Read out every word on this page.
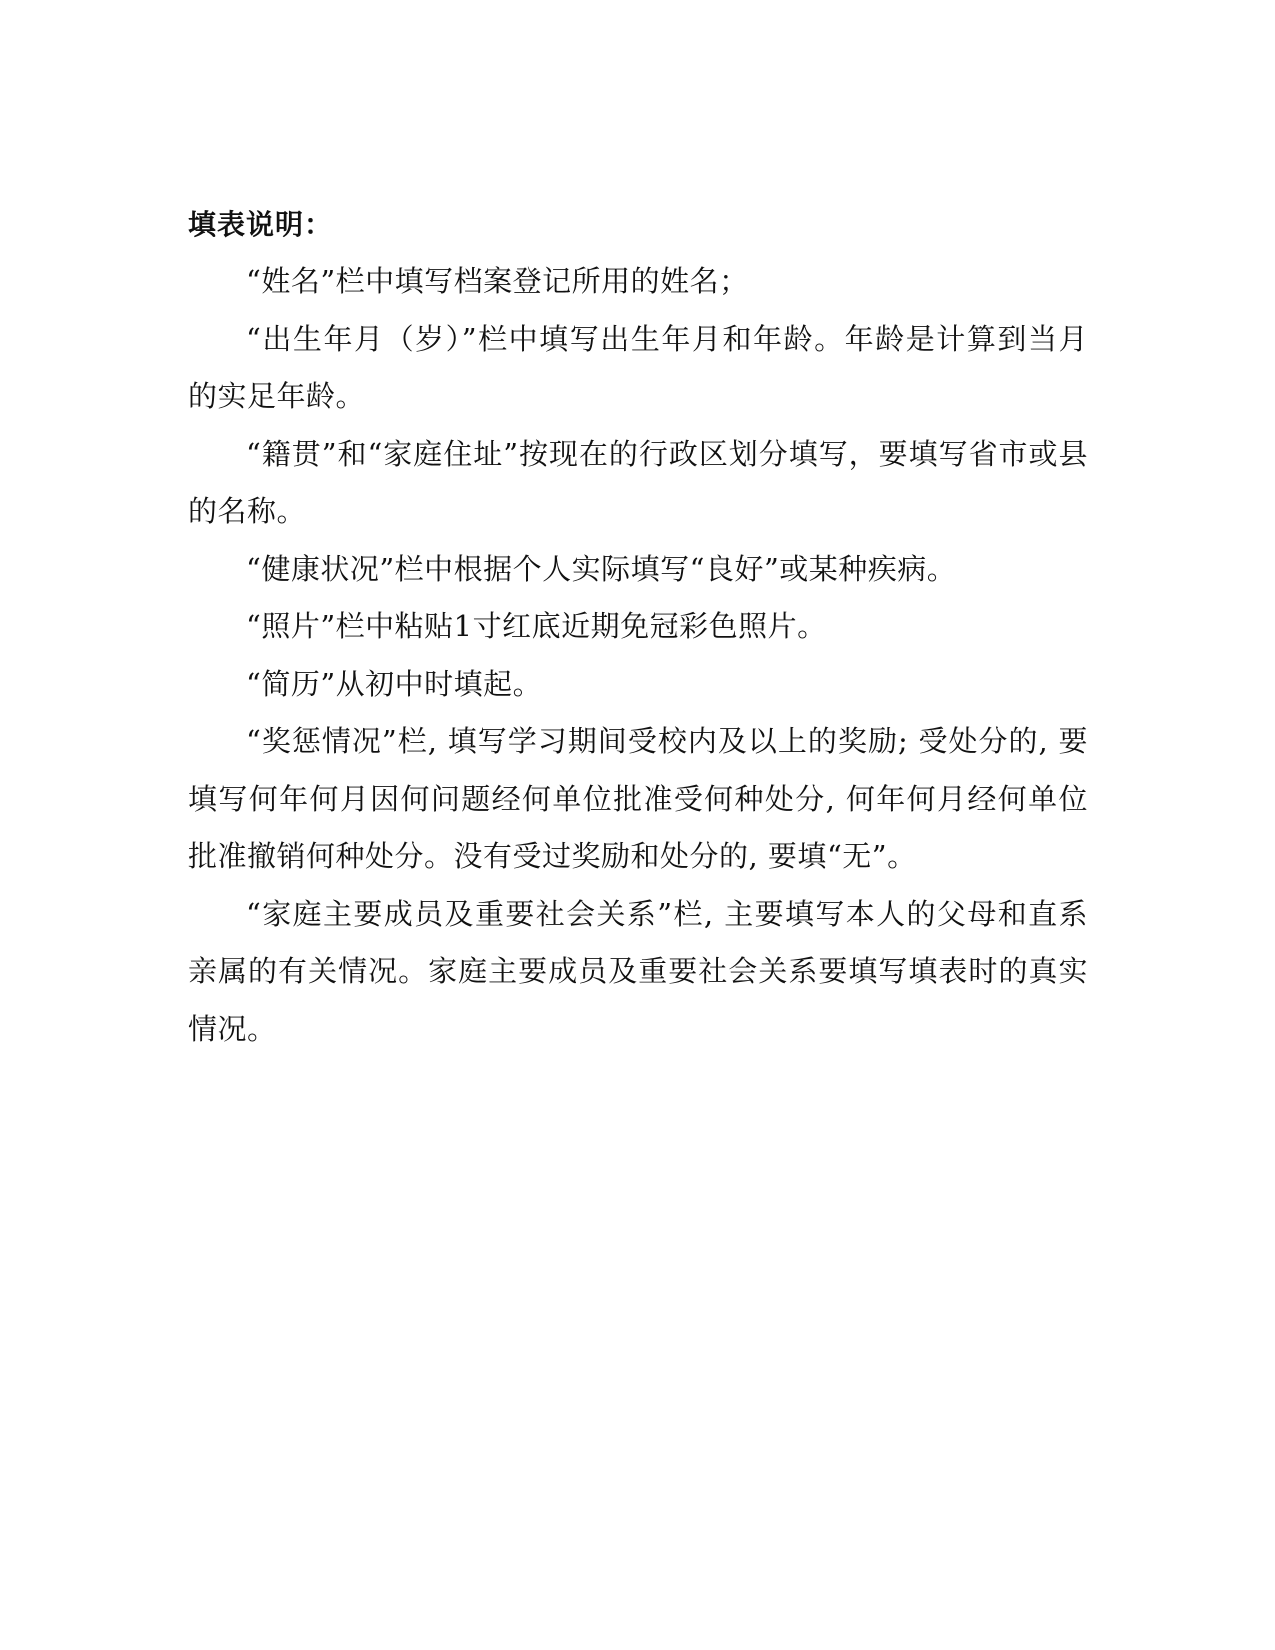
填表说明：

“姓名”栏中填写档案登记所用的姓名；

“出生年月（岁）”栏中填写出生年月和年龄。年龄是计算到当月的实足年龄。

“籍贯”和“家庭住址”按现在的行政区划分填写，要填写省市或县的名称。

“健康状况”栏中根据个人实际填写“良好”或某种疾病。

“照片”栏中粘贴1寸红底近期免冠彩色照片。

“简历”从初中时填起。

“奖惩情况”栏, 填写学习期间受校内及以上的奖励; 受处分的, 要填写何年何月因何问题经何单位批准受何种处分, 何年何月经何单位批准撤销何种处分。没有受过奖励和处分的, 要填“无”。

“家庭主要成员及重要社会关系”栏, 主要填写本人的父母和直系亲属的有关情况。家庭主要成员及重要社会关系要填写填表时的真实情况。
